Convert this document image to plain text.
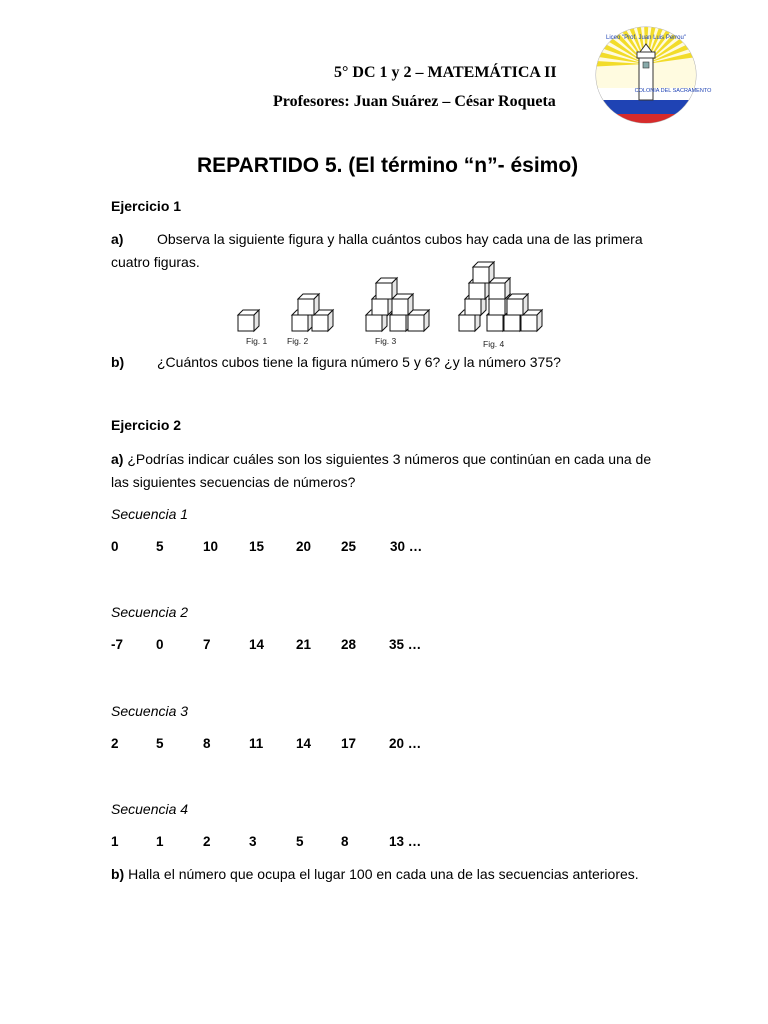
5° DC 1 y 2 – MATEMÁTICA II
Profesores: Juan Suárez – César Roqueta
Liceo "Prof. Juan Luis Perrou"
COLONIA DEL SACRAMENTO
REPARTIDO 5. (El término “n”- ésimo)
Ejercicio 1
a) Observa la siguiente figura y halla cuántos cubos hay cada una de las primera
cuatro figuras.
Fig. 1 Fig. 2	Fig. 3	Fig. 4
b) ¿Cuántos cubos tiene la figura número 5 y 6? ¿y la número 375?
Ejercicio 2
a) ¿Podrías indicar cuáles son los siguientes 3 números que continúan en cada una de
las siguientes secuencias de números?
Secuencia 1
0	5	10 15 20 25	30 …
Secuencia 2
-7 0	7	14 21 28 35 …
Secuencia 3
2	5	8	11 14 17 20 …
Secuencia 4
1	1	2	3	5	8	13 …
b) Halla el número que ocupa el lugar 100 en cada una de las secuencias anteriores.
